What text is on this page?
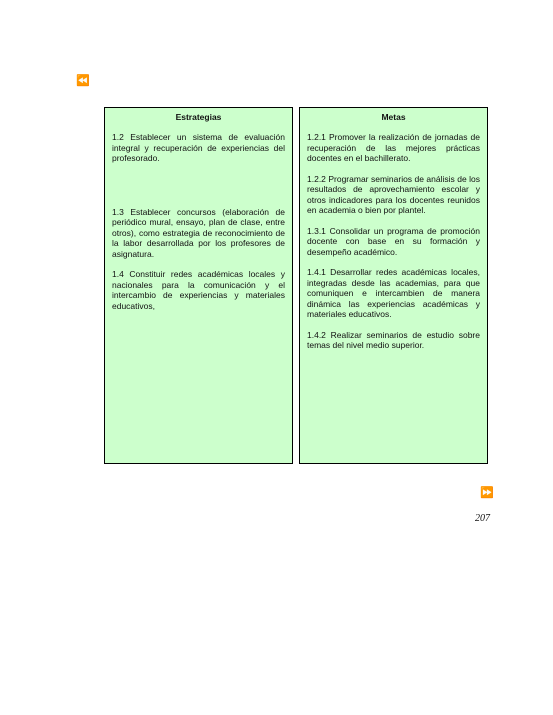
⏪
Estrategias

1.2 Establecer un sistema de evaluación integral y recuperación de experiencias del profesorado.

1.3 Establecer concursos (elaboración de periódico mural, ensayo, plan de clase, entre otros), como estrategia de reconocimiento de la labor desarrollada por los profesores de asignatura.

1.4 Constituir redes académicas locales y nacionales para la comunicación y el intercambio de experiencias y materiales educativos,

Metas

1.2.1 Promover la realización de jornadas de recuperación de las mejores prácticas docentes en el bachillerato.

1.2.2 Programar seminarios de análisis de los resultados de aprovechamiento escolar y otros indicadores para los docentes reunidos en academia o bien por plantel.

1.3.1 Consolidar un programa de promoción docente con base en su formación y desempeño académico.

1.4.1 Desarrollar redes académicas locales, integradas desde las academias, para que comuniquen e intercambien de manera dinámica las experiencias académicas y materiales educativos.

1.4.2 Realizar seminarios de estudio sobre temas del nivel medio superior.

⏩
207
